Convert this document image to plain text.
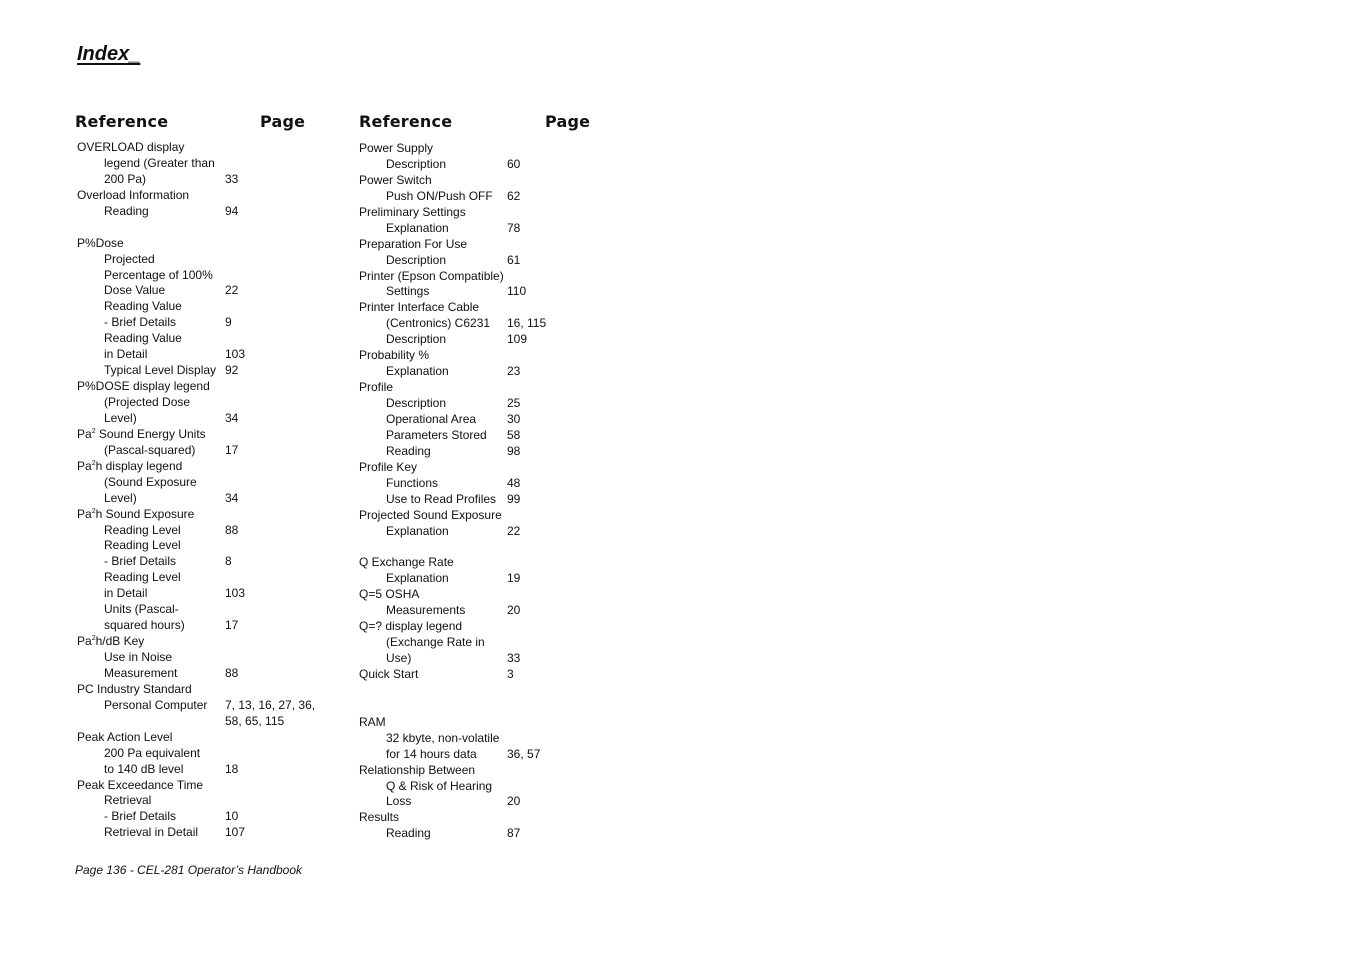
Index_
Reference	Page	Reference	Page
OVERLOAD display
legend (Greater than
200 Pa)	33
Overload Information
Reading	94
P%Dose
Projected
Percentage of 100%
Dose Value	22
Reading Value
- Brief Details	9
Reading Value
in Detail	103
Typical Level Display 92
P%DOSE display legend
(Projected Dose
Level)	34
Pa$^2$ Sound Energy Units
(Pascal-squared) 17
Pa$^2$h display legend
(Sound Exposure
Level)	34
Pa$^2$h Sound Exposure
Reading Level	88
Reading Level
- Brief Details	8
Reading Level
in Detail	103
Units (Pascal-
squared hours)	17
Pa$^2$h/dB Key
Use in Noise
Measurement	88
PC Industry Standard
Personal Computer 7, 13, 16, 27, 36,
58, 65, 115
Peak Action Level
200 Pa equivalent
to 140 dB level	18
Peak Exceedance Time
Retrieval
- Brief Details	10
Retrieval in Detail 107
Power Supply
Description	60
Power Switch
Push ON/Push OFF 62
Preliminary Settings
Explanation	78
Preparation For Use
Description	61
Printer (Epson Compatible)
Settings	110
Printer Interface Cable
(Centronics) C6231 16, 115
Description	109
Probability %
Explanation	23
Profile
Description	25
Operational Area	30
Parameters Stored 58
Reading	98
Profile Key
Functions	48
Use to Read Profiles 99
Projected Sound Exposure
Explanation	22
Q Exchange Rate
Explanation	19
Q=5 OSHA
Measurements	20
Q=? display legend
(Exchange Rate in
Use)	33
Quick Start	3
RAM
32 kbyte, non-volatile
for 14 hours data	36, 57
Relationship Between
Q & Risk of Hearing
Loss	20
Results
Reading	87
Page 136 - CEL-281 Operator’s Handbook
